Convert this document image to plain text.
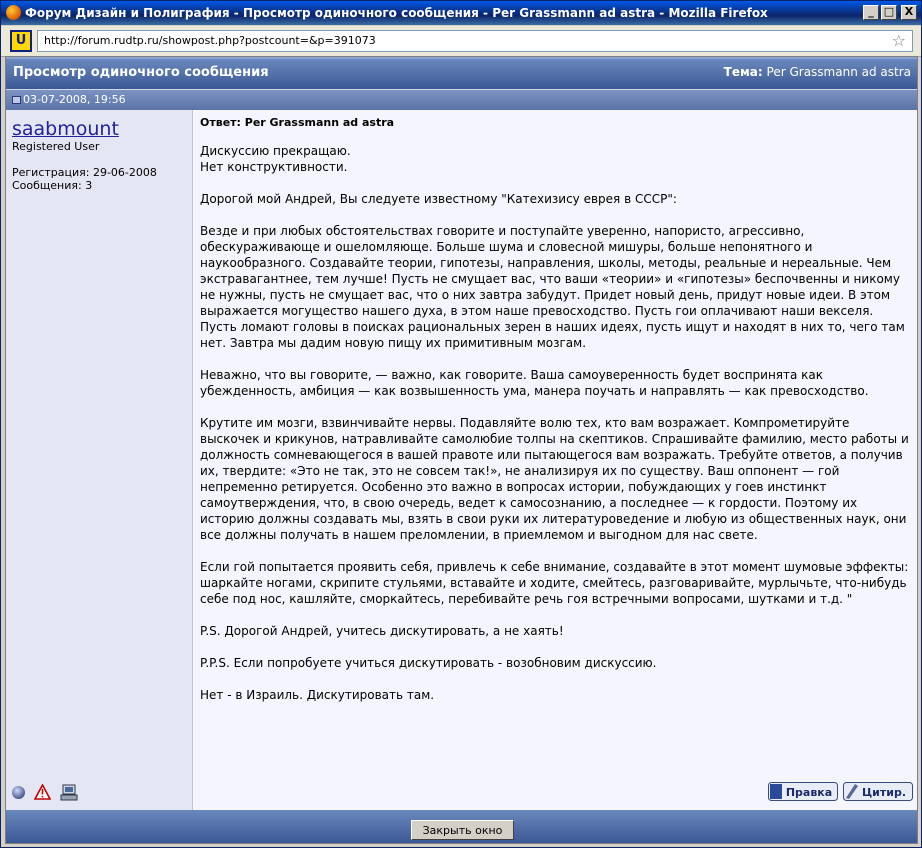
Форум Дизайн и Полиграфия - Просмотр одиночного сообщения - Per Grassmann ad astra - Mozilla Firefox	_ □ X
U	http://forum.rudtp.ru/showpost.php?postcount=&p=391073	☆
Просмотр одиночного сообщения	Тема: Per Grassmann ad astra
03-07-2008, 19:56
saabmount
Registered User
Регистрация: 29-06-2008
Сообщения: 3
Ответ: Per Grassmann ad astra

Дискуссию прекращаю.
Нет конструктивности.

Дорогой мой Андрей, Вы следуете известному "Катехизису еврея в СССР":

Везде и при любых обстоятельствах говорите и поступайте уверенно, напористо, агрессивно, обескураживающе и ошеломляюще. Больше шума и словесной мишуры, больше непонятного и наукообразного. Создавайте теории, гипотезы, направления, школы, методы, реальные и нереальные. Чем экстравагантнее, тем лучше! Пусть не смущает вас, что ваши «теории» и «гипотезы» беспочвенны и никому не нужны, пусть не смущает вас, что о них завтра забудут. Придет новый день, придут новые идеи. В этом выражается могущество нашего духа, в этом наше превосходство. Пусть гои оплачивают наши векселя. Пусть ломают головы в поисках рациональных зерен в наших идеях, пусть ищут и находят в них то, чего там нет. Завтра мы дадим новую пищу их примитивным мозгам.

Неважно, что вы говорите, — важно, как говорите. Ваша самоуверенность будет воспринята как убежденность, амбиция — как возвышенность ума, манера поучать и направлять — как превосходство.

Крутите им мозги, взвинчивайте нервы. Подавляйте волю тех, кто вам возражает. Компрометируйте выскочек и крикунов, натравливайте самолюбие толпы на скептиков. Спрашивайте фамилию, место работы и должность сомневающегося в вашей правоте или пытающегося вам возражать. Требуйте ответов, а получив их, твердите: «Это не так, это не совсем так!», не анализируя их по существу. Ваш оппонент — гой непременно ретируется. Особенно это важно в вопросах истории, побуждающих у гоев инстинкт самоутверждения, что, в свою очередь, ведет к самосознанию, а последнее — к гордости. Поэтому их историю должны создавать мы, взять в свои руки их литературоведение и любую из общественных наук, они все должны получать в нашем преломлении, в приемлемом и выгодном для нас свете.

Если гой попытается проявить себя, привлечь к себе внимание, создавайте в этот момент шумовые эффекты: шаркайте ногами, скрипите стульями, вставайте и ходите, смейтесь, разговаривайте, мурлычьте, что-нибудь себе под нос, кашляйте, сморкайтесь, перебивайте речь гоя встречными вопросами, шутками и т.д. "

P.S. Дорогой Андрей, учитесь дискутировать, а не хаять!

P.P.S. Если попробуете учиться дискутировать - возобновим дискуссию.

Нет - в Израиль. Дискутировать там.

Правка	Цитир.
Закрыть окно
